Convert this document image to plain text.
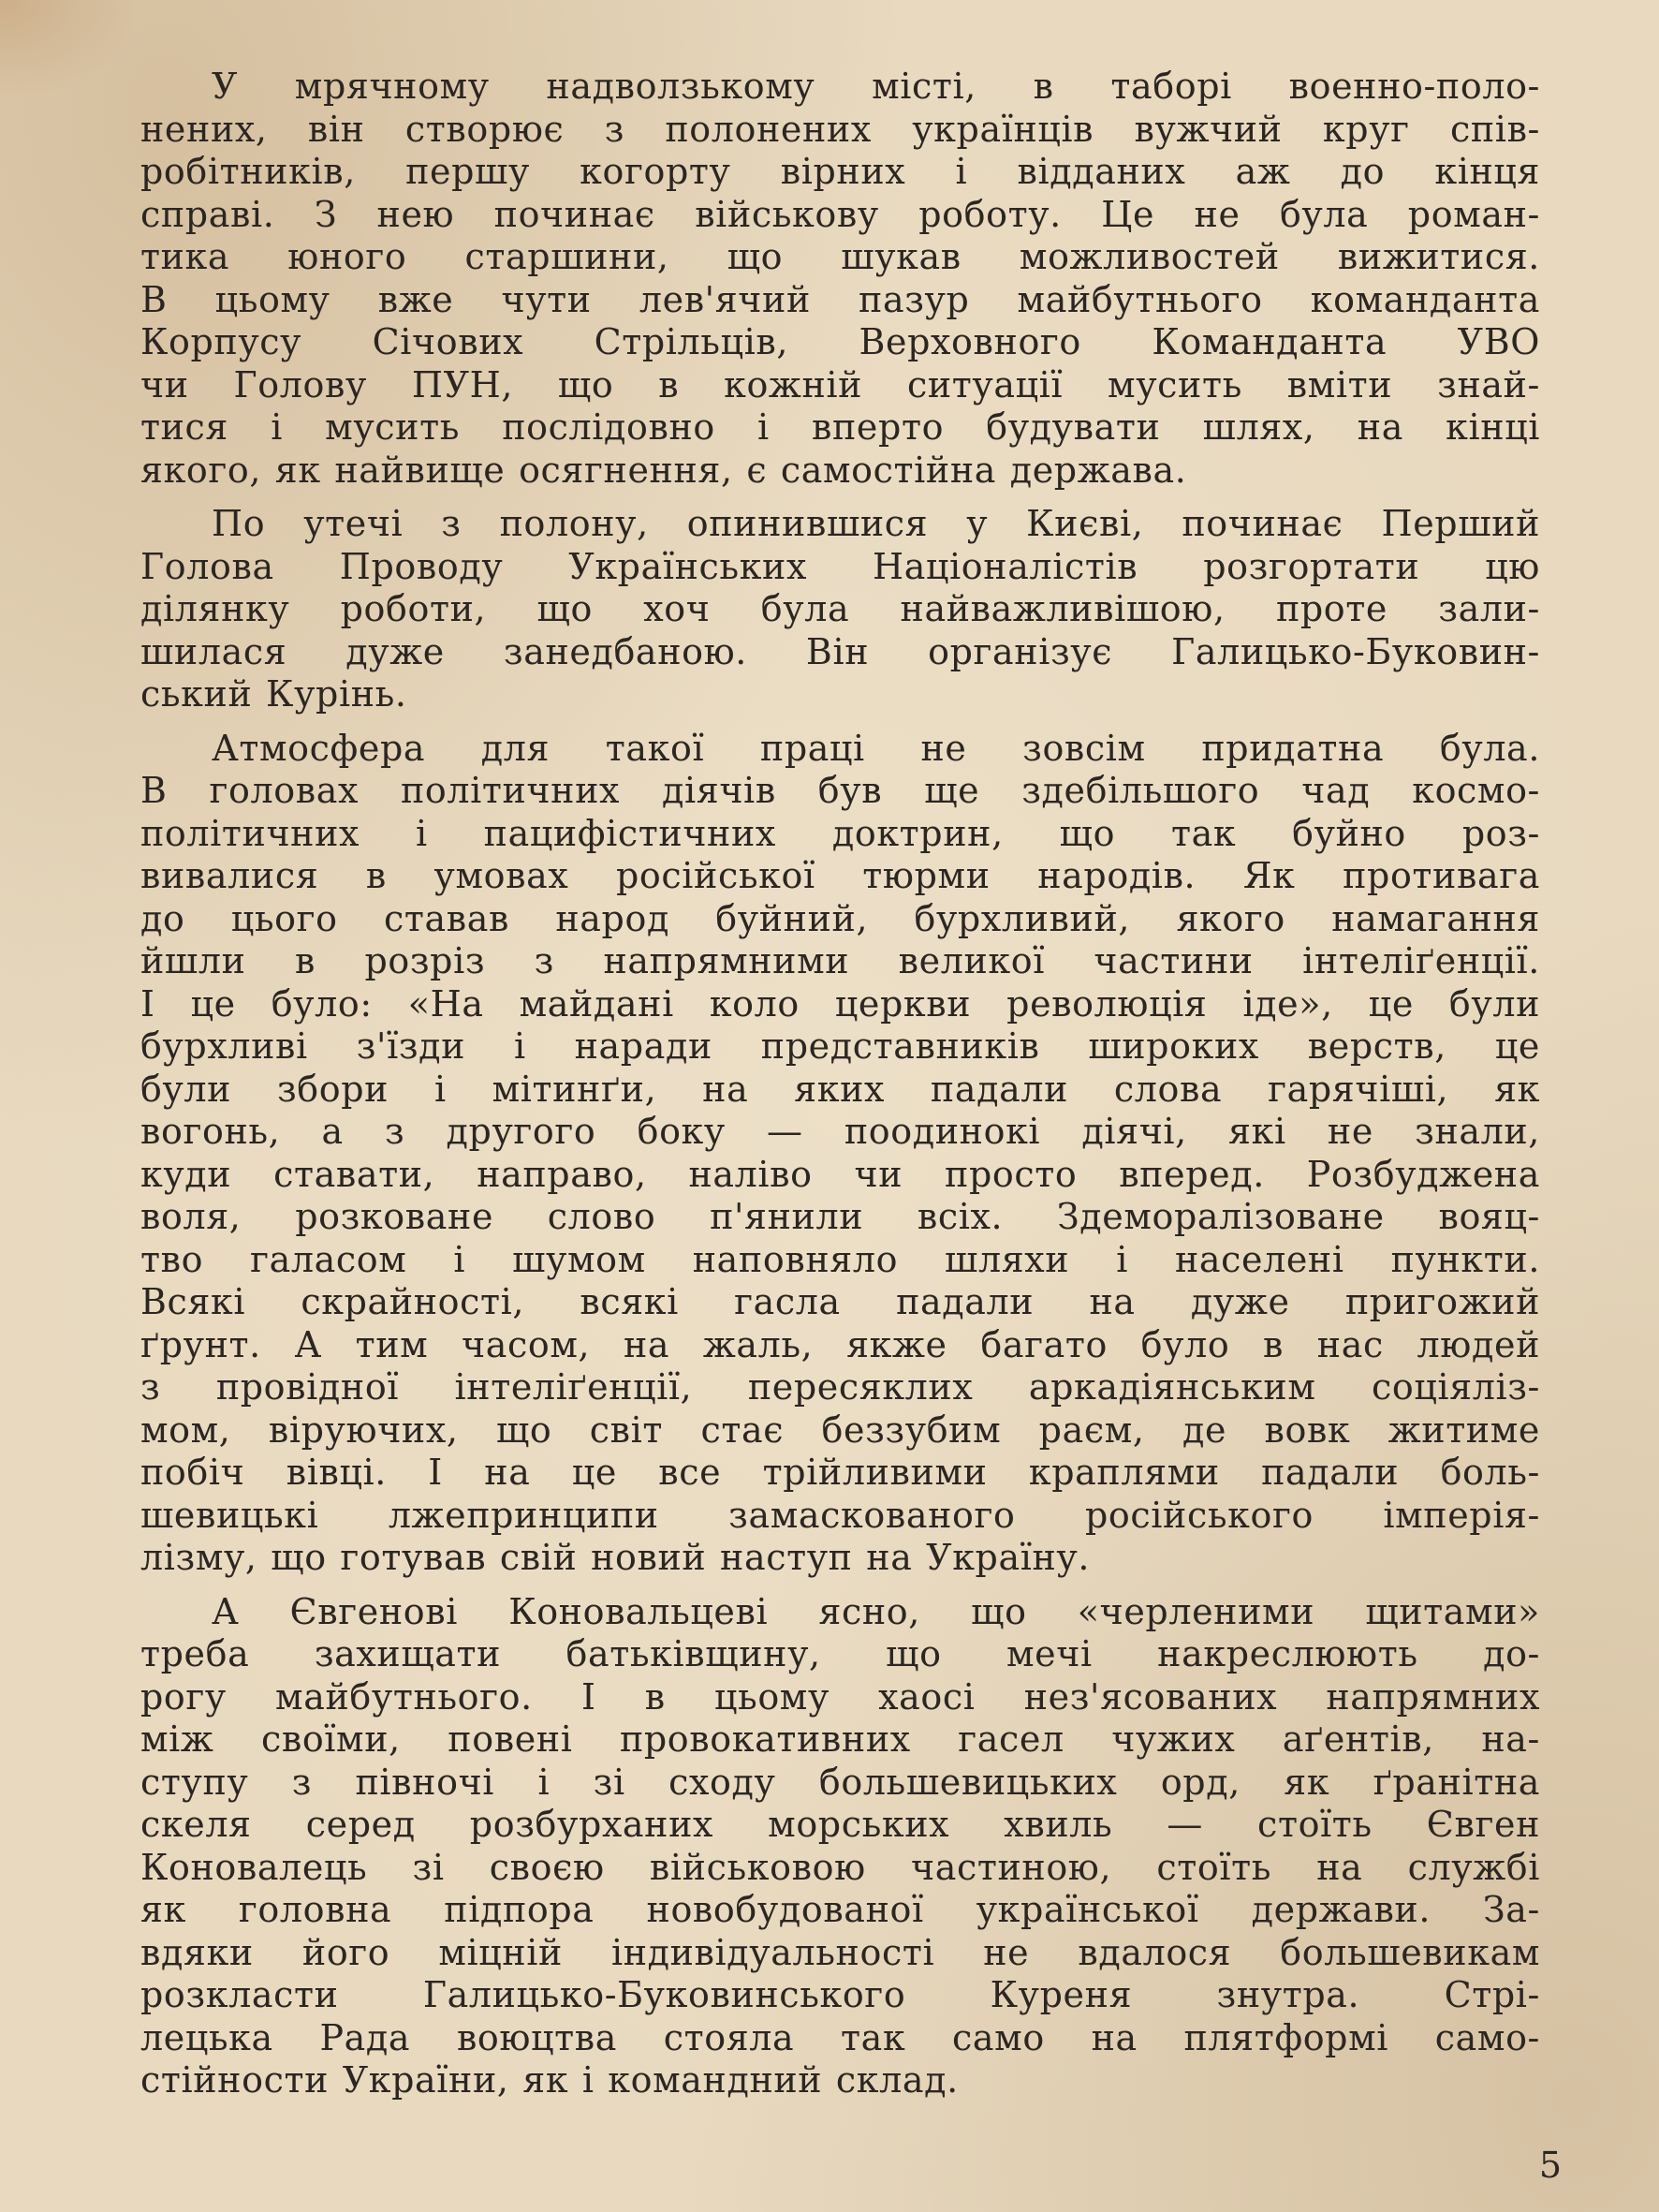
У мрячному надволзькому місті, в таборі военно-поло-
нених, він створює з полонених українців вужчий круг спів-
робітників, першу когорту вірних і відданих аж до кінця
справі. З нею починає військову роботу. Це не була роман-
тика юного старшини, що шукав можливостей вижитися.
В цьому вже чути лев'ячий пазур майбутнього команданта
Корпусу Січових Стрільців, Верховного Команданта УВО
чи Голову ПУН, що в кожній ситуації мусить вміти знай-
тися і мусить послідовно і вперто будувати шлях, на кінці
якого, як найвище осягнення, є самостійна держава.

По утечі з полону, опинившися у Києві, починає Перший
Голова Проводу Українських Націоналістів розгортати цю
ділянку роботи, що хоч була найважливішою, проте зали-
шилася дуже занедбаною. Він організує Галицько-Буковин-
ський Курінь.

Атмосфера для такої праці не зовсім придатна була.
В головах політичних діячів був ще здебільшого чад космо-
політичних і пацифістичних доктрин, що так буйно роз-
вивалися в умовах російської тюрми народів. Як противага
до цього ставав народ буйний, бурхливий, якого намагання
йшли в розріз з напрямними великої частини інтеліґенції.
І це було: «На майдані коло церкви революція іде», це були
бурхливі з'їзди і наради представників широких верств, це
були збори і мітинґи, на яких падали слова гарячіші, як
вогонь, а з другого боку — поодинокі діячі, які не знали,
куди ставати, направо, наліво чи просто вперед. Розбуджена
воля, розковане слово п'янили всіх. Здеморалізоване вояц-
тво галасом і шумом наповняло шляхи і населені пункти.
Всякі скрайності, всякі гасла падали на дуже пригожий
ґрунт. А тим часом, на жаль, якже багато було в нас людей
з провідної інтеліґенції, пересяклих аркадіянським соціялiз-
мом, віруючих, що світ стає беззубим раєм, де вовк житиме
побіч вівці. І на це все трійливими краплями падали боль-
шевицькі лжепринципи замаскованого російського імперія-
лізму, що готував свій новий наступ на Україну.

А Євгенові Коновальцеві ясно, що «черленими щитами»
треба захищати батьківщину, що мечі накреслюють до-
рогу майбутнього. І в цьому хаосі нез'ясованих напрямних
між своїми, повені провокативних гасел чужих аґентів, на-
ступу з півночі і зі сходу большевицьких орд, як ґранітна
скеля серед розбурханих морських хвиль — стоїть Євген
Коновалець зі своєю військовою частиною, стоїть на службі
як головна підпора новобудованої української держави. За-
вдяки його міцній індивідуальності не вдалося большевикам
розкласти Галицько-Буковинського Куреня знутра. Стрі-
лецька Рада воюцтва стояла так само на плятформі само-
стійности України, як і командний склад.

5
